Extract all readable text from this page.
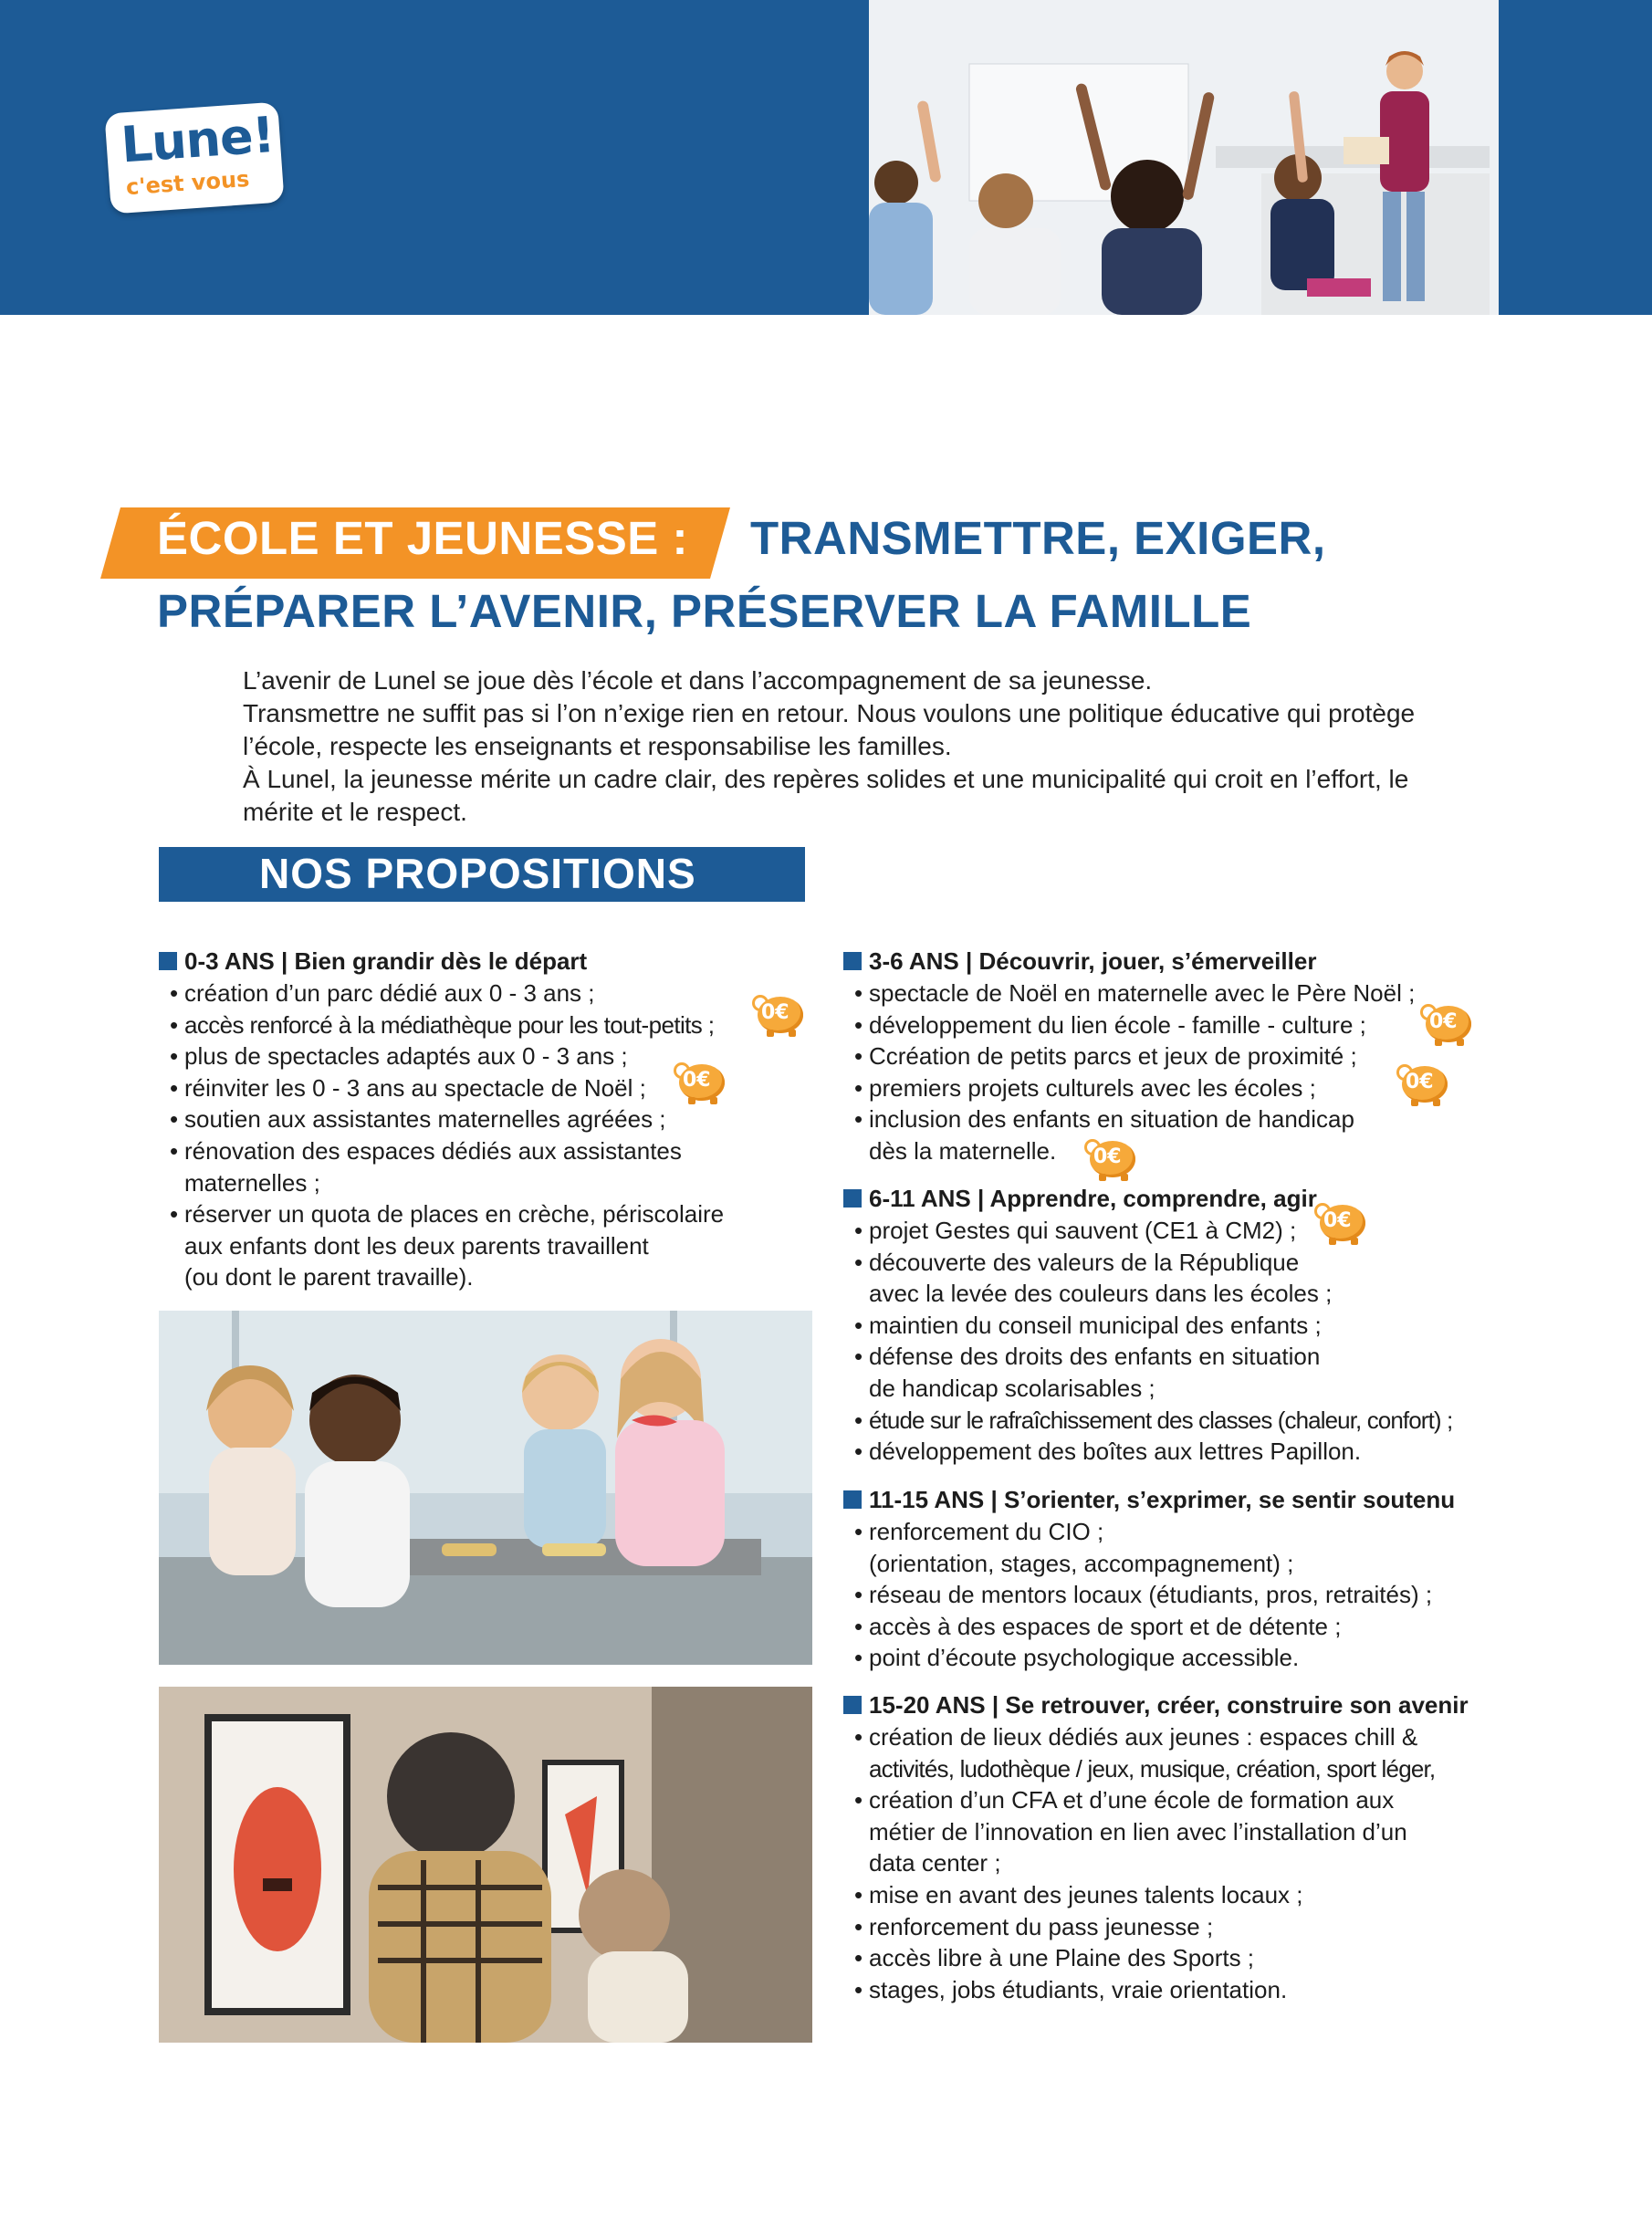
Lune!
c'est vous
ÉCOLE ET JEUNESSE : TRANSMETTRE, EXIGER,
PRÉPARER L’AVENIR, PRÉSERVER LA FAMILLE

L’avenir de Lunel se joue dès l’école et dans l’accompagnement de sa jeunesse.

Transmettre ne suffit pas si l’on n’exige rien en retour. Nous voulons une politique éducative qui protège l’école, respecte les enseignants et responsabilise les familles.

À Lunel, la jeunesse mérite un cadre clair, des repères solides et une municipalité qui croit en l’effort, le mérite et le respect.

NOS PROPOSITIONS
0-3 ANS | Bien grandir dès le départ
• création d’un parc dédié aux 0 - 3 ans ;
• accès renforcé à la médiathèque pour les tout-petits ;
• plus de spectacles adaptés aux 0 - 3 ans ;
• réinviter les 0 - 3 ans au spectacle de Noël ;
• soutien aux assistantes maternelles agréées ;
• rénovation des espaces dédiés aux assistantes
maternelles ;
• réserver un quota de places en crèche, périscolaire
aux enfants dont les deux parents travaillent
(ou dont le parent travaille).
3-6 ANS | Découvrir, jouer, s’émerveiller
• spectacle de Noël en maternelle avec le Père Noël ;
• développement du lien école - famille - culture ;
• Ccréation de petits parcs et jeux de proximité ;
• premiers projets culturels avec les écoles ;
• inclusion des enfants en situation de handicap
dès la maternelle.
6-11 ANS | Apprendre, comprendre, agir
• projet Gestes qui sauvent (CE1 à CM2) ;
• découverte des valeurs de la République
avec la levée des couleurs dans les écoles ;
• maintien du conseil municipal des enfants ;
• défense des droits des enfants en situation
de handicap scolarisables ;
• étude sur le rafraîchissement des classes (chaleur, confort) ;
• développement des boîtes aux lettres Papillon.
11-15 ANS | S’orienter, s’exprimer, se sentir soutenu
• renforcement du CIO ;
(orientation, stages, accompagnement) ;
• réseau de mentors locaux (étudiants, pros, retraités) ;
• accès à des espaces de sport et de détente ;
• point d’écoute psychologique accessible.
15-20 ANS | Se retrouver, créer, construire son avenir
• création de lieux dédiés aux jeunes : espaces chill &
activités, ludothèque / jeux, musique, création, sport léger,
• création d’un CFA et d’une école de formation aux
métier de l’innovation en lien avec l’installation d’un
data center ;
• mise en avant des jeunes talents locaux ;
• renforcement du pass jeunesse ;
• accès libre à une Plaine des Sports ;
• stages, jobs étudiants, vraie orientation.
0€
0€
0€
0€
0€
0€
